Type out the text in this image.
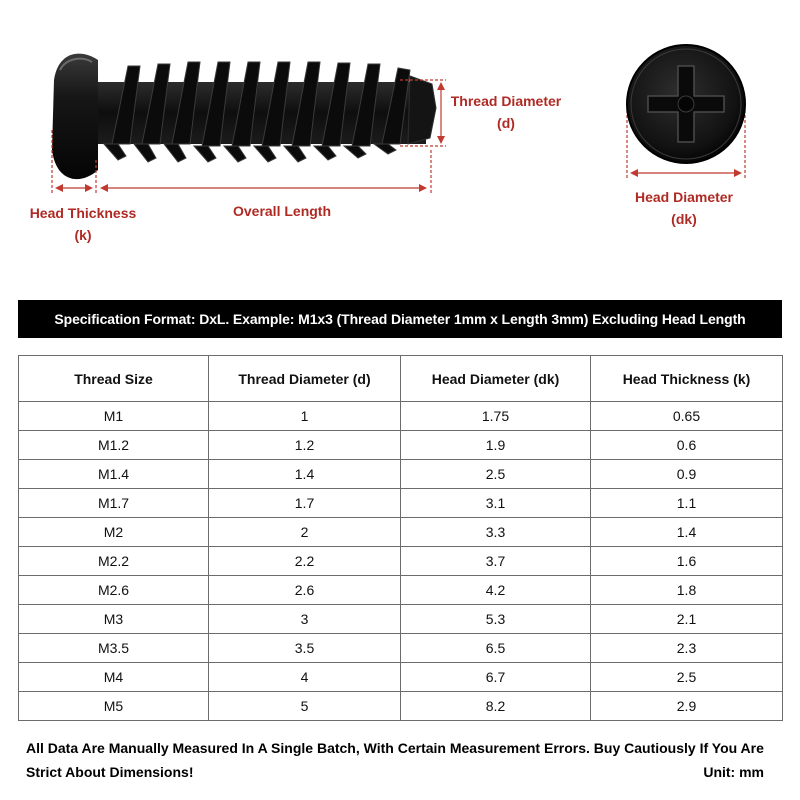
Thread Diameter
(d)
Overall Length
Head Thickness
(k)
Head Diameter
(dk)
Specification Format: DxL. Example: M1x3 (Thread Diameter 1mm x Length 3mm) Excluding Head Length
Thread Size	Thread Diameter (d)	Head Diameter (dk)	Head Thickness (k)
M1	1	1.75	0.65
M1.2	1.2	1.9	0.6
M1.4	1.4	2.5	0.9
M1.7	1.7	3.1	1.1
M2	2	3.3	1.4
M2.2	2.2	3.7	1.6
M2.6	2.6	4.2	1.8
M3	3	5.3	2.1
M3.5	3.5	6.5	2.3
M4	4	6.7	2.5
M5	5	8.2	2.9
All Data Are Manually Measured In A Single Batch, With Certain Measurement Errors. Buy Cautiously If You Are Strict About Dimensions!	Unit: mm
